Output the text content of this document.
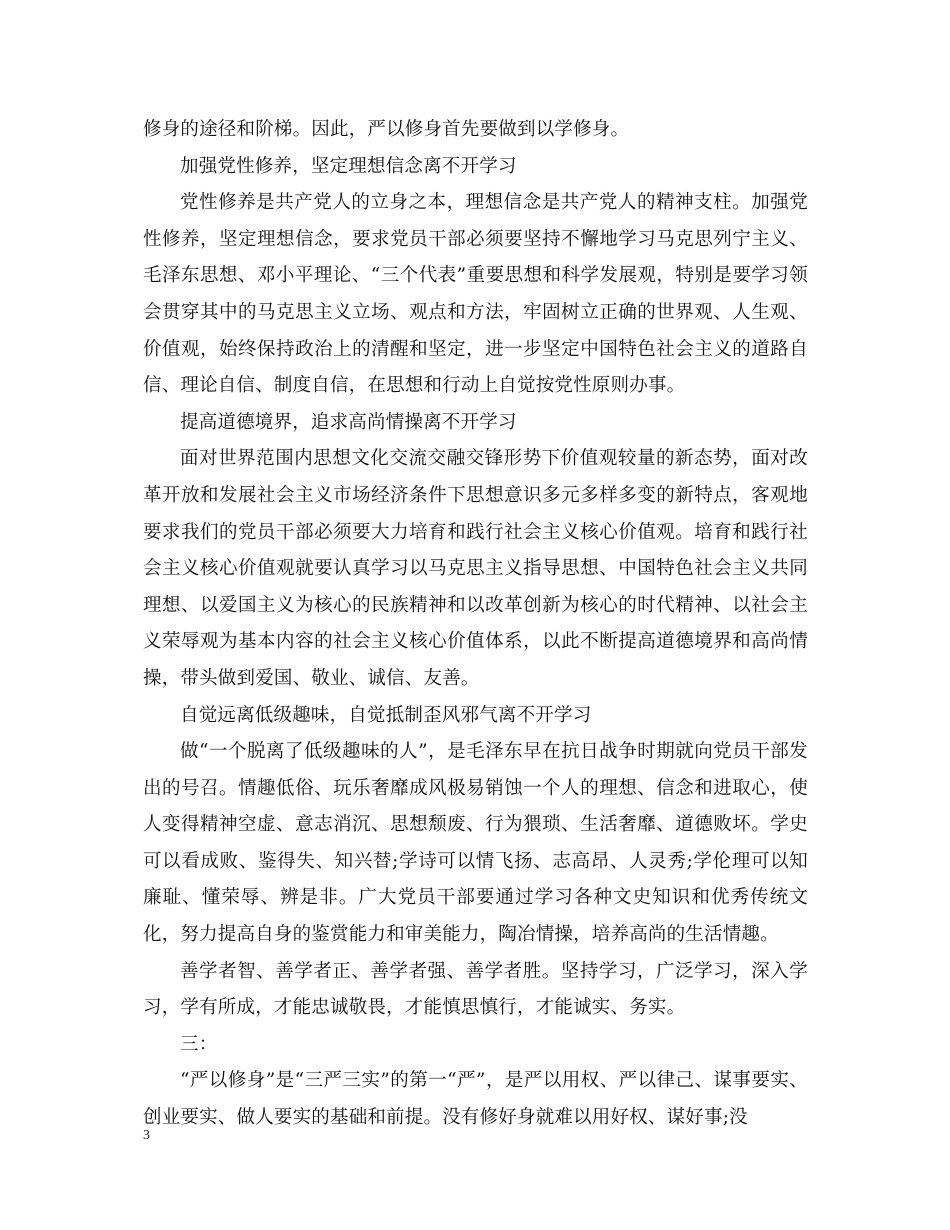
修身的途径和阶梯。因此，严以修身首先要做到以学修身。

加强党性修养，坚定理想信念离不开学习

党性修养是共产党人的立身之本，理想信念是共产党人的精神支柱。加强党性修养，坚定理想信念，要求党员干部必须要坚持不懈地学习马克思列宁主义、毛泽东思想、邓小平理论、“三个代表”重要思想和科学发展观，特别是要学习领会贯穿其中的马克思主义立场、观点和方法，牢固树立正确的世界观、人生观、价值观，始终保持政治上的清醒和坚定，进一步坚定中国特色社会主义的道路自信、理论自信、制度自信，在思想和行动上自觉按党性原则办事。

提高道德境界，追求高尚情操离不开学习

面对世界范围内思想文化交流交融交锋形势下价值观较量的新态势，面对改革开放和发展社会主义市场经济条件下思想意识多元多样多变的新特点，客观地要求我们的党员干部必须要大力培育和践行社会主义核心价值观。培育和践行社会主义核心价值观就要认真学习以马克思主义指导思想、中国特色社会主义共同理想、以爱国主义为核心的民族精神和以改革创新为核心的时代精神、以社会主义荣辱观为基本内容的社会主义核心价值体系，以此不断提高道德境界和高尚情操，带头做到爱国、敬业、诚信、友善。

自觉远离低级趣味，自觉抵制歪风邪气离不开学习

做“一个脱离了低级趣味的人”，是毛泽东早在抗日战争时期就向党员干部发出的号召。情趣低俗、玩乐奢靡成风极易销蚀一个人的理想、信念和进取心，使人变得精神空虚、意志消沉、思想颓废、行为猥琐、生活奢靡、道德败坏。学史可以看成败、鉴得失、知兴替;学诗可以情飞扬、志高昂、人灵秀;学伦理可以知廉耻、懂荣辱、辨是非。广大党员干部要通过学习各种文史知识和优秀传统文化，努力提高自身的鉴赏能力和审美能力，陶冶情操，培养高尚的生活情趣。

善学者智、善学者正、善学者强、善学者胜。坚持学习，广泛学习，深入学习，学有所成，才能忠诚敬畏，才能慎思慎行，才能诚实、务实。

三：

“严以修身”是“三严三实”的第一“严”，是严以用权、严以律己、谋事要实、创业要实、做人要实的基础和前提。没有修好身就难以用好权、谋好事;没

3
